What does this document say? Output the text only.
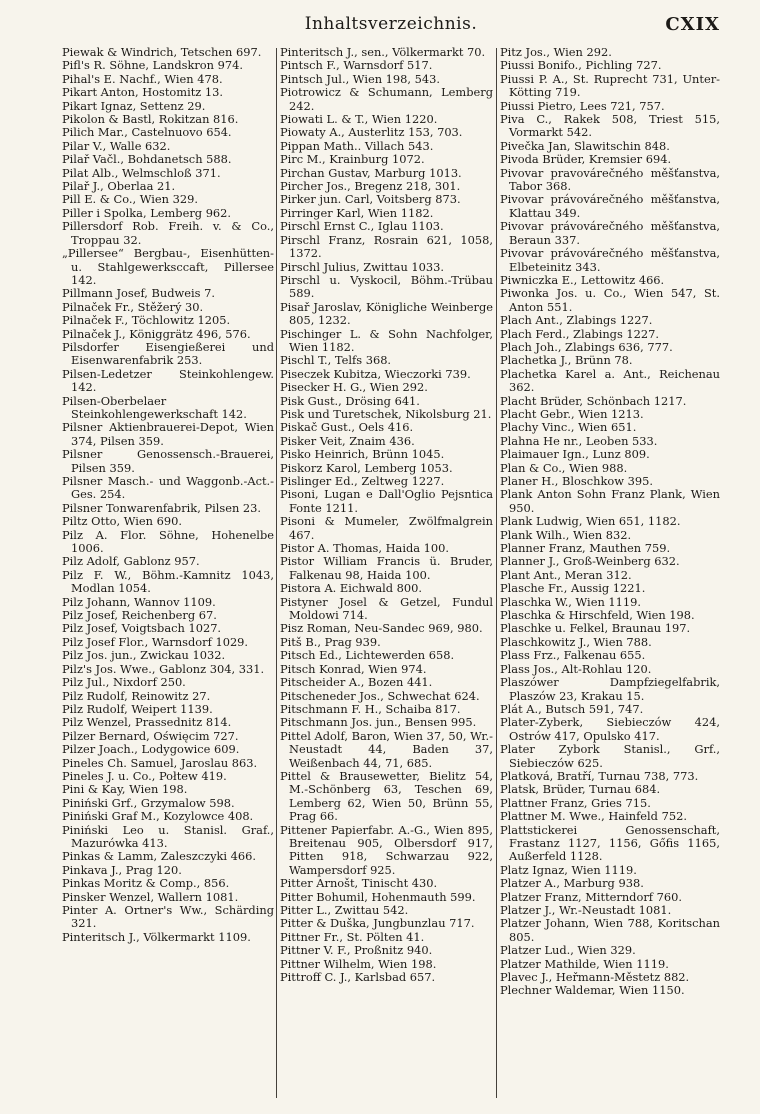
Inhaltsverzeichnis.	CXIX
Piewak & Windrich, Tetschen 697.
Pifl's R. Söhne, Landskron 974.
Pihal's E. Nachf., Wien 478.
Pikart Anton, Hostomitz 13.
Pikart Ignaz, Settenz 29.
Pikolon & Bastl, Rokitzan 816.
Pilich Mar., Castelnuovo 654.
Pilar V., Walle 632.
Pilař Vačl., Bohdanetsch 588.
Pilat Alb., Welmschloß 371.
Pilař J., Oberlaa 21.
Pill E. & Co., Wien 329.
Piller i Spolka, Lemberg 962.
Pillersdorf Rob. Freih. v. & Co., Troppau 32.
„Pillersee“ Bergbau-, Eisenhütten- u. Stahlgewerksccaft, Pillersee 142.
Pillmann Josef, Budweis 7.
Pilnaček Fr., Stěžerý 30.
Pilnaček F., Töchlowitz 1205.
Pilnaček J., Königgrätz 496, 576.
Pilsdorfer Eisengießerei und Eisenwarenfabrik 253.
Pilsen-Ledetzer Steinkohlengew. 142.
Pilsen-Oberbelaer Steinkohlengewerkschaft 142.
Pilsner Aktienbrauerei-Depot, Wien 374, Pilsen 359.
Pilsner Genossensch.-Brauerei, Pilsen 359.
Pilsner Masch.- und Waggonb.-Act.-Ges. 254.
Pilsner Tonwarenfabrik, Pilsen 23.
Piltz Otto, Wien 690.
Pilz A. Flor. Söhne, Hohenelbe 1006.
Pilz Adolf, Gablonz 957.
Pilz F. W., Böhm.-Kamnitz 1043, Modlan 1054.
Pilz Johann, Wannov 1109.
Pilz Josef, Reichenberg 67.
Pilz Josef, Voigtsbach 1027.
Pilz Josef Flor., Warnsdorf 1029.
Pilz Jos. jun., Zwickau 1032.
Pilz's Jos. Wwe., Gablonz 304, 331.
Pilz Jul., Nixdorf 250.
Pilz Rudolf, Reinowitz 27.
Pilz Rudolf, Weipert 1139.
Pilz Wenzel, Prassednitz 814.
Pilzer Bernard, Oświęcim 727.
Pilzer Joach., Lodygowice 609.
Pineles Ch. Samuel, Jaroslau 863.
Pineles J. u. Co., Połtew 419.
Pini & Kay, Wien 198.
Piniński Grf., Grzymalow 598.
Piniński Graf M., Kozylowce 408.
Piniński Leo u. Stanisl. Graf., Mazurówka 413.
Pinkas & Lamm, Zaleszczyki 466.
Pinkava J., Prag 120.
Pinkas Moritz & Comp., 856.
Pinsker Wenzel, Wallern 1081.
Pinter A. Ortner's Ww., Schärding 321.
Pinteritsch J., Völkermarkt 1109.
Pinteritsch J., sen., Völkermarkt 70.
Pintsch F., Warnsdorf 517.
Pintsch Jul., Wien 198, 543.
Piotrowicz & Schumann, Lemberg 242.
Piowati L. & T., Wien 1220.
Piowaty A., Austerlitz 153, 703.
Pippan Math.. Villach 543.
Pirc M., Krainburg 1072.
Pirchan Gustav, Marburg 1013.
Pircher Jos., Bregenz 218, 301.
Pirker jun. Carl, Voitsberg 873.
Pirringer Karl, Wien 1182.
Pirschl Ernst C., Iglau 1103.
Pirschl Franz, Rosrain 621, 1058, 1372.
Pirschl Julius, Zwittau 1033.
Pirschl u. Vyskocil, Böhm.-Trübau 589.
Pisař Jaroslav, Königliche Weinberge 805, 1232.
Pischinger L. & Sohn Nachfolger, Wien 1182.
Pischl T., Telfs 368.
Piseczek Kubitza, Wieczorki 739.
Pisecker H. G., Wien 292.
Pisk Gust., Drösing 641.
Pisk und Turetschek, Nikolsburg 21.
Piskač Gust., Oels 416.
Pisker Veit, Znaim 436.
Pisko Heinrich, Brünn 1045.
Piskorz Karol, Lemberg 1053.
Pislinger Ed., Zeltweg 1227.
Pisoni, Lugan e Dall'Oglio Pejsntica Fonte 1211.
Pisoni & Mumeler, Zwölfmalgrein 467.
Pistor A. Thomas, Haida 100.
Pistor William Francis ü. Bruder, Falkenau 98, Haida 100.
Pistora A. Eichwald 800.
Pistyner Josel & Getzel, Fundul Moldowi 714.
Pisz Roman, Neu-Sandec 969, 980.
Pitš B., Prag 939.
Pitsch Ed., Lichtewerden 658.
Pitsch Konrad, Wien 974.
Pitscheider A., Bozen 441.
Pitscheneder Jos., Schwechat 624.
Pitschmann F. H., Schaiba 817.
Pitschmann Jos. jun., Bensen 995.
Pittel Adolf, Baron, Wien 37, 50, Wr.-Neustadt 44, Baden 37, Weißenbach 44, 71, 685.
Pittel & Brausewetter, Bielitz 54, M.-Schönberg 63, Teschen 69, Lemberg 62, Wien 50, Brünn 55, Prag 66.
Pittener Papierfabr. A.-G., Wien 895, Breitenau 905, Olbersdorf 917, Pitten 918, Schwarzau 922, Wampersdorf 925.
Pitter Arnošt, Tinischt 430.
Pitter Bohumil, Hohenmauth 599.
Pitter L., Zwittau 542.
Pitter & Duška, Jungbunzlau 717.
Pittner Fr., St. Pölten 41.
Pittner V. F., Proßnitz 940.
Pittner Wilhelm, Wien 198.
Pittroff C. J., Karlsbad 657.
Pitz Jos., Wien 292.
Piussi Bonifo., Pichling 727.
Piussi P. A., St. Ruprecht 731, Unter-Kötting 719.
Piussi Pietro, Lees 721, 757.
Piva C., Rakek 508, Triest 515, Vormarkt 542.
Pivečka Jan, Slawitschin 848.
Pivoda Brüder, Kremsier 694.
Pivovar pravovárečného měšťanstva, Tabor 368.
Pivovar právovárečného měšťanstva, Klattau 349.
Pivovar právovárečného měšťanstva, Beraun 337.
Pivovar právovárečného měšťanstva, Elbeteinitz 343.
Piwniczka E., Lettowitz 466.
Piwonka Jos. u. Co., Wien 547, St. Anton 551.
Plach Ant., Zlabings 1227.
Plach Ferd., Zlabings 1227.
Plach Joh., Zlabings 636, 777.
Plachetka J., Brünn 78.
Plachetka Karel a. Ant., Reichenau 362.
Placht Brüder, Schönbach 1217.
Placht Gebr., Wien 1213.
Plachy Vinc., Wien 651.
Plahna He nr., Leoben 533.
Plaimauer Ign., Lunz 809.
Plan & Co., Wien 988.
Planer H., Bloschkow 395.
Plank Anton Sohn Franz Plank, Wien 950.
Plank Ludwig, Wien 651, 1182.
Plank Wilh., Wien 832.
Planner Franz, Mauthen 759.
Planner J., Groß-Weinberg 632.
Plant Ant., Meran 312.
Plasche Fr., Aussig 1221.
Plaschka W., Wien 1119.
Plaschka & Hirschfeld, Wien 198.
Plaschke u. Felkel, Braunau 197.
Plaschkowitz J., Wien 788.
Plass Frz., Falkenau 655.
Plass Jos., Alt-Rohlau 120.
Plaszówer Dampfziegelfabrik, Plaszów 23, Krakau 15.
Plát A., Butsch 591, 747.
Plater-Zyberk, Siebieczów 424, Ostrów 417, Opulsko 417.
Plater Zybork Stanisl., Grf., Siebieczów 625.
Platková, Bratří, Turnau 738, 773.
Platsk, Brüder, Turnau 684.
Plattner Franz, Gries 715.
Plattner M. Wwe., Hainfeld 752.
Plattstickerei Genossenschaft, Frastanz 1127, 1156, Gőfis 1165, Außerfeld 1128.
Platz Ignaz, Wien 1119.
Platzer A., Marburg 938.
Platzer Franz, Mitterndorf 760.
Platzer J., Wr.-Neustadt 1081.
Platzer Johann, Wien 788, Koritschan 805.
Platzer Lud., Wien 329.
Platzer Mathilde, Wien 1119.
Plavec J., Heřmann-Městetz 882.
Plechner Waldemar, Wien 1150.
